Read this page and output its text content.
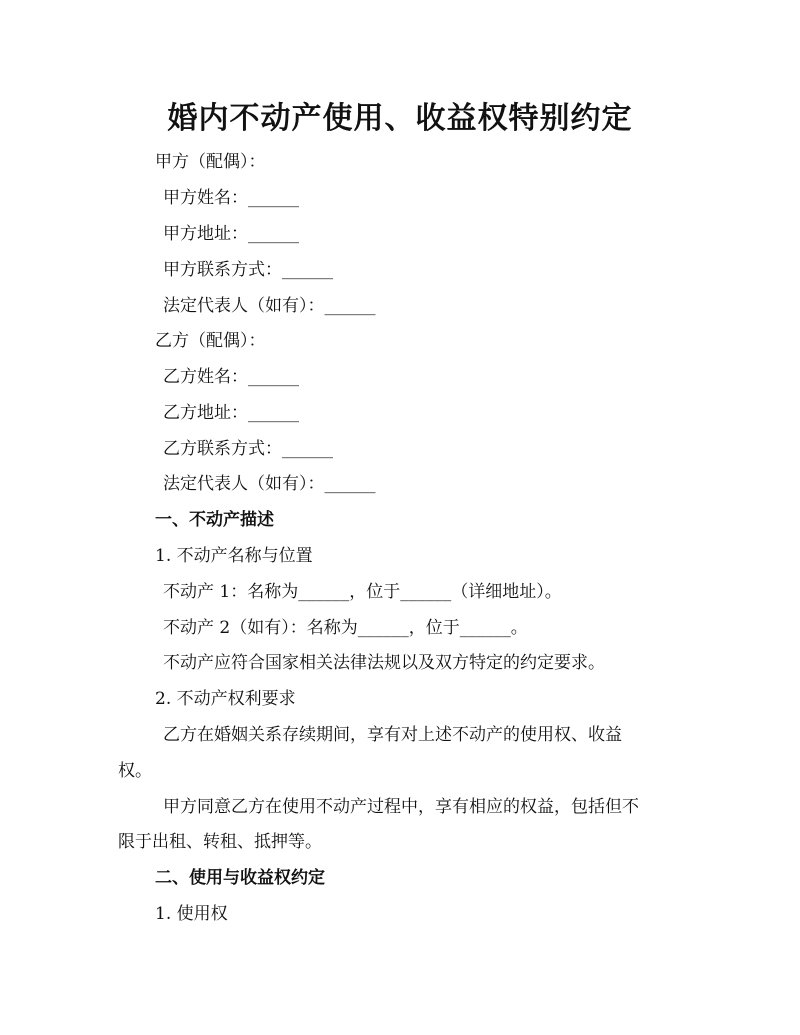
婚内不动产使用、收益权特别约定
甲方（配偶）：
甲方姓名：______
甲方地址：______
甲方联系方式：______
法定代表人（如有）：______
乙方（配偶）：
乙方姓名：______
乙方地址：______
乙方联系方式：______
法定代表人（如有）：______
一、不动产描述
1. 不动产名称与位置
不动产 1：名称为______，位于______（详细地址）。
不动产 2（如有）：名称为______，位于______。
不动产应符合国家相关法律法规以及双方特定的约定要求。
2. 不动产权利要求
乙方在婚姻关系存续期间，享有对上述不动产的使用权、收益
权。
甲方同意乙方在使用不动产过程中，享有相应的权益，包括但不
限于出租、转租、抵押等。
二、使用与收益权约定
1. 使用权
